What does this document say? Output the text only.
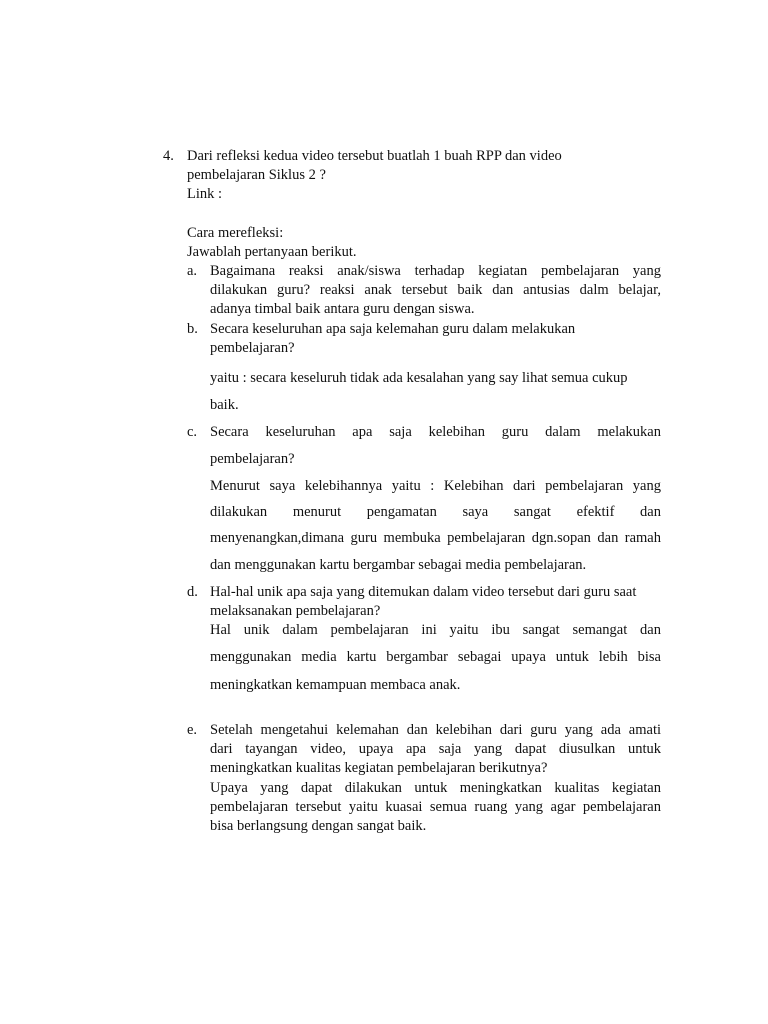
4. Dari refleksi kedua video tersebut buatlah 1 buah RPP dan video
pembelajaran Siklus 2 ?
Link :
Cara merefleksi:
Jawablah pertanyaan berikut.
a. Bagaimana reaksi anak/siswa terhadap kegiatan pembelajaran yang
dilakukan guru? reaksi anak tersebut baik dan antusias dalm belajar,
adanya timbal baik antara guru dengan siswa.
b. Secara keseluruhan apa saja kelemahan guru dalam melakukan
pembelajaran?
yaitu : secara keseluruh tidak ada kesalahan yang say lihat semua cukup
baik.
c. Secara keseluruhan apa saja kelebihan guru dalam melakukan
pembelajaran?
Menurut saya kelebihannya yaitu : Kelebihan dari pembelajaran yang
dilakukan menurut pengamatan saya sangat efektif dan
menyenangkan,dimana guru membuka pembelajaran dgn.sopan dan ramah
dan menggunakan kartu bergambar sebagai media pembelajaran.
d. Hal-hal unik apa saja yang ditemukan dalam video tersebut dari guru saat
melaksanakan pembelajaran?
Hal unik dalam pembelajaran ini yaitu ibu sangat semangat dan
menggunakan media kartu bergambar sebagai upaya untuk lebih bisa
meningkatkan kemampuan membaca anak.
e. Setelah mengetahui kelemahan dan kelebihan dari guru yang ada amati
dari tayangan video, upaya apa saja yang dapat diusulkan untuk
meningkatkan kualitas kegiatan pembelajaran berikutnya?
Upaya yang dapat dilakukan untuk meningkatkan kualitas kegiatan
pembelajaran tersebut yaitu kuasai semua ruang yang agar pembelajaran
bisa berlangsung dengan sangat baik.
